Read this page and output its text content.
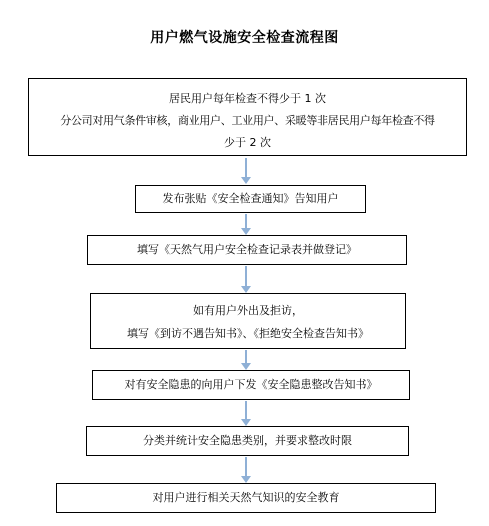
用户燃气设施安全检查流程图
居民用户每年检查不得少于 1 次
分公司对用气条件审核，商业用户、工业用户、采暖等非居民用户每年检查不得
少于 2 次
发布张贴《安全检查通知》告知用户
填写《天然气用户安全检查记录表并做登记》
如有用户外出及拒访，
填写《到访不遇告知书》、《拒绝安全检查告知书》
对有安全隐患的向用户下发《安全隐患整改告知书》
分类并统计安全隐患类别，并要求整改时限
对用户进行相关天然气知识的安全教育
